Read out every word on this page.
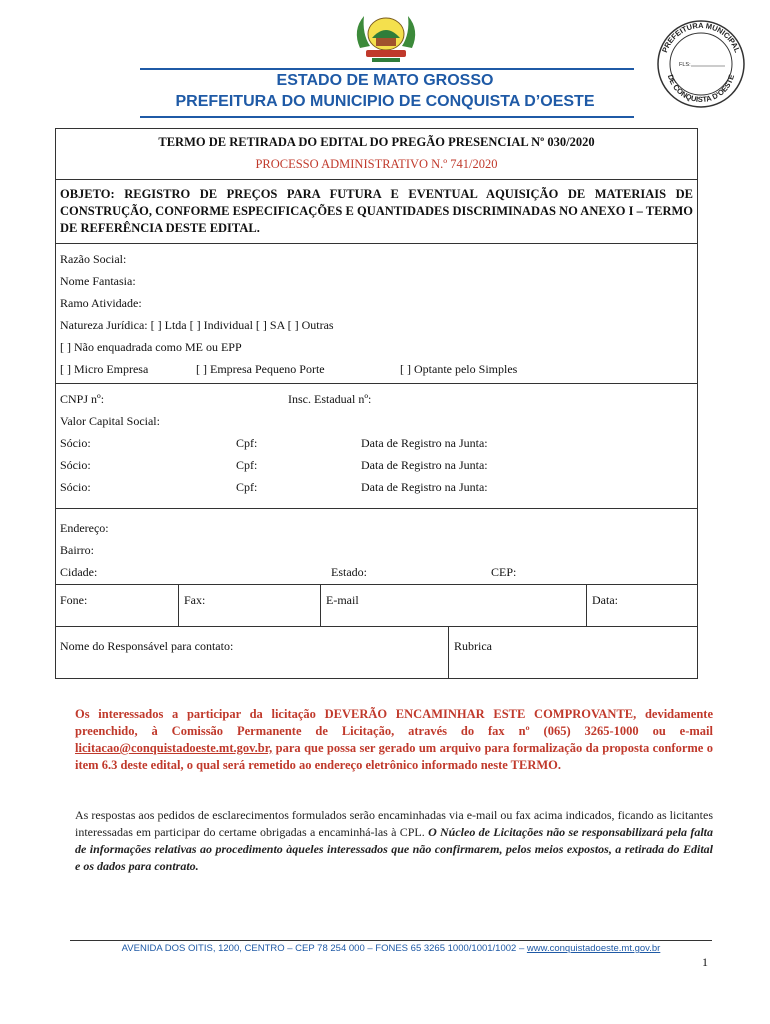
PREFEITURA MUNICIPAL
DE CONQUISTA D'OESTE
FLS:
ESTADO DE MATO GROSSO
PREFEITURA DO MUNICIPIO DE CONQUISTA D’OESTE
TERMO DE RETIRADA DO EDITAL DO PREGÃO PRESENCIAL Nº 030/2020
PROCESSO ADMINISTRATIVO N.º 741/2020
OBJETO: REGISTRO DE PREÇOS PARA FUTURA E EVENTUAL AQUISIÇÃO DE MATERIAIS DE CONSTRUÇÃO, CONFORME ESPECIFICAÇÕES E QUANTIDADES DISCRIMINADAS NO ANEXO I – TERMO DE REFERÊNCIA DESTE EDITAL.
Razão Social:
Nome Fantasia:
Ramo Atividade:
Natureza Jurídica: [ ] Ltda [ ] Individual [ ] SA [ ] Outras
[ ] Não enquadrada como ME ou EPP
[ ] Micro Empresa	[ ] Empresa Pequeno Porte	[ ] Optante pelo Simples
CNPJ nº:	Insc. Estadual nº:
Valor Capital Social:
Sócio:	Cpf:	Data de Registro na Junta:
Sócio:	Cpf:	Data de Registro na Junta:
Sócio:	Cpf:	Data de Registro na Junta:
Endereço:
Bairro:
Cidade:	Estado:	CEP:
Fone:	Fax:	E-mail	Data:
Nome do Responsável para contato:	Rubrica
Os interessados a participar da licitação DEVERÃO ENCAMINHAR ESTE COMPROVANTE, devidamente preenchido, à Comissão Permanente de Licitação, através do fax nº (065) 3265-1000 ou e-mail licitacao@conquistadoeste.mt.gov.br, para que possa ser gerado um arquivo para formalização da proposta conforme o item 6.3 deste edital, o qual será remetido ao endereço eletrônico informado neste TERMO.
As respostas aos pedidos de esclarecimentos formulados serão encaminhadas via e-mail ou fax acima indicados, ficando as licitantes interessadas em participar do certame obrigadas a encaminhá-las à CPL. O Núcleo de Licitações não se responsabilizará pela falta de informações relativas ao procedimento àqueles interessados que não confirmarem, pelos meios expostos, a retirada do Edital e os dados para contrato.
AVENIDA DOS OITIS, 1200, CENTRO – CEP 78 254 000 – FONES 65 3265 1000/1001/1002 – www.conquistadoeste.mt.gov.br
1
